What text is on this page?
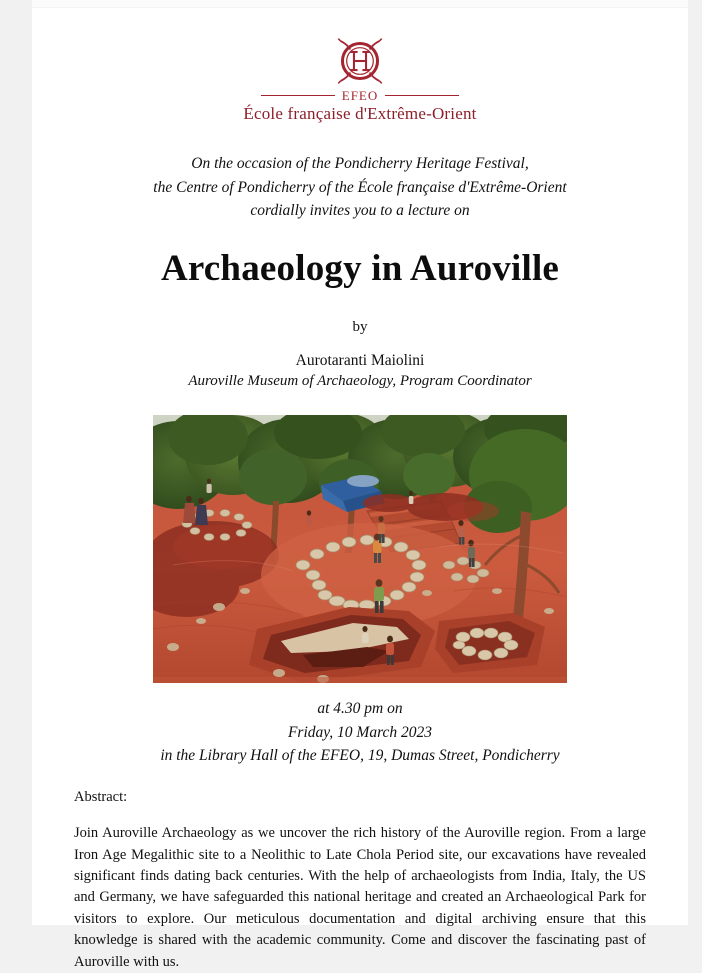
EFEO
École française d'Extrême-Orient
On the occasion of the Pondicherry Heritage Festival,
the Centre of Pondicherry of the École française d'Extrême-Orient
cordially invites you to a lecture on
Archaeology in Auroville
by
Aurotaranti Maiolini
Auroville Museum of Archaeology, Program Coordinator
at 4.30 pm on
Friday, 10 March 2023
in the Library Hall of the EFEO, 19, Dumas Street, Pondicherry
Abstract:

Join Auroville Archaeology as we uncover the rich history of the Auroville region. From a large Iron Age Megalithic site to a Neolithic to Late Chola Period site, our excavations have revealed significant finds dating back centuries. With the help of archaeologists from India, Italy, the US and Germany, we have safeguarded this national heritage and created an Archaeological Park for visitors to explore. Our meticulous documentation and digital archiving ensure that this knowledge is shared with the academic community. Come and discover the fascinating past of Auroville with us.
